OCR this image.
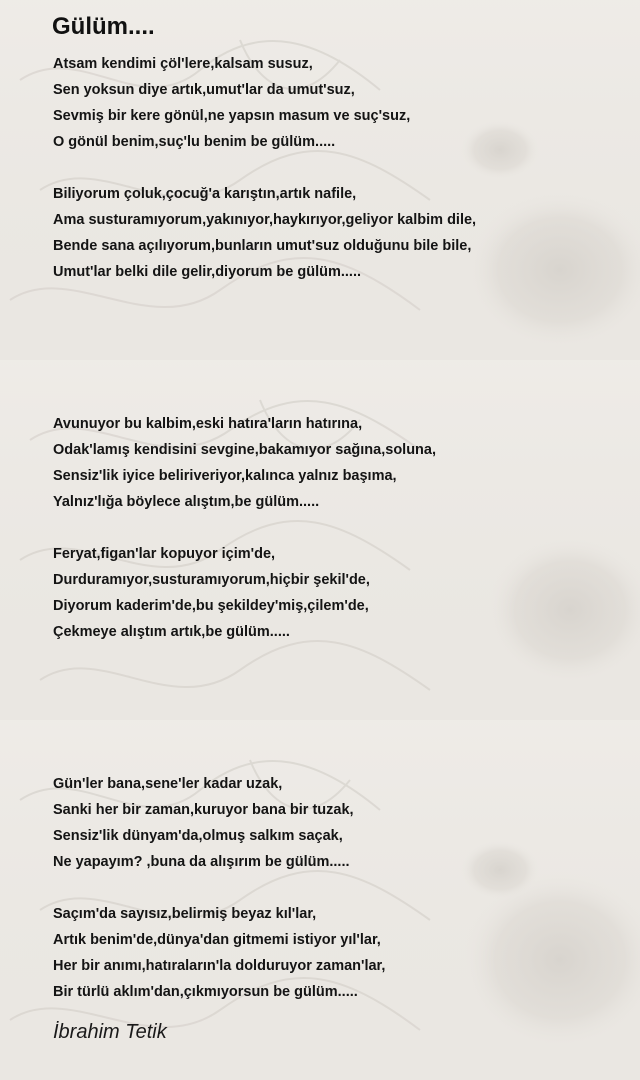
Gülüm....
Atsam kendimi çöl'lere,kalsam susuz,
Sen yoksun diye artık,umut'lar da umut'suz,
Sevmiş bir kere gönül,ne yapsın masum ve suç'suz,
O gönül benim,suç'lu benim be gülüm.....
Biliyorum çoluk,çocuğ'a karıştın,artık nafile,
Ama susturamıyorum,yakınıyor,haykırıyor,geliyor kalbim dile,
Bende sana açılıyorum,bunların umut'suz olduğunu bile bile,
Umut'lar belki dile gelir,diyorum be gülüm.....
Avunuyor bu kalbim,eski hatıra'ların hatırına,
Odak'lamış kendisini sevgine,bakamıyor sağına,soluna,
Sensiz'lik iyice beliriveriyor,kalınca yalnız başıma,
Yalnız'lığa böylece alıştım,be gülüm.....
Feryat,figan'lar kopuyor içim'de,
Durduramıyor,susturamıyorum,hiçbir şekil'de,
Diyorum kaderim'de,bu şekildey'miş,çilem'de,
Çekmeye alıştım artık,be gülüm.....
Gün'ler bana,sene'ler kadar uzak,
Sanki her bir zaman,kuruyor bana bir tuzak,
Sensiz'lik dünyam'da,olmuş salkım saçak,
Ne yapayım? ,buna da alışırım be gülüm.....
Saçım'da sayısız,belirmiş beyaz kıl'lar,
Artık benim'de,dünya'dan gitmemi istiyor yıl'lar,
Her bir anımı,hatıraların'la dolduruyor zaman'lar,
Bir türlü aklım'dan,çıkmıyorsun be gülüm.....

İbrahim Tetik
